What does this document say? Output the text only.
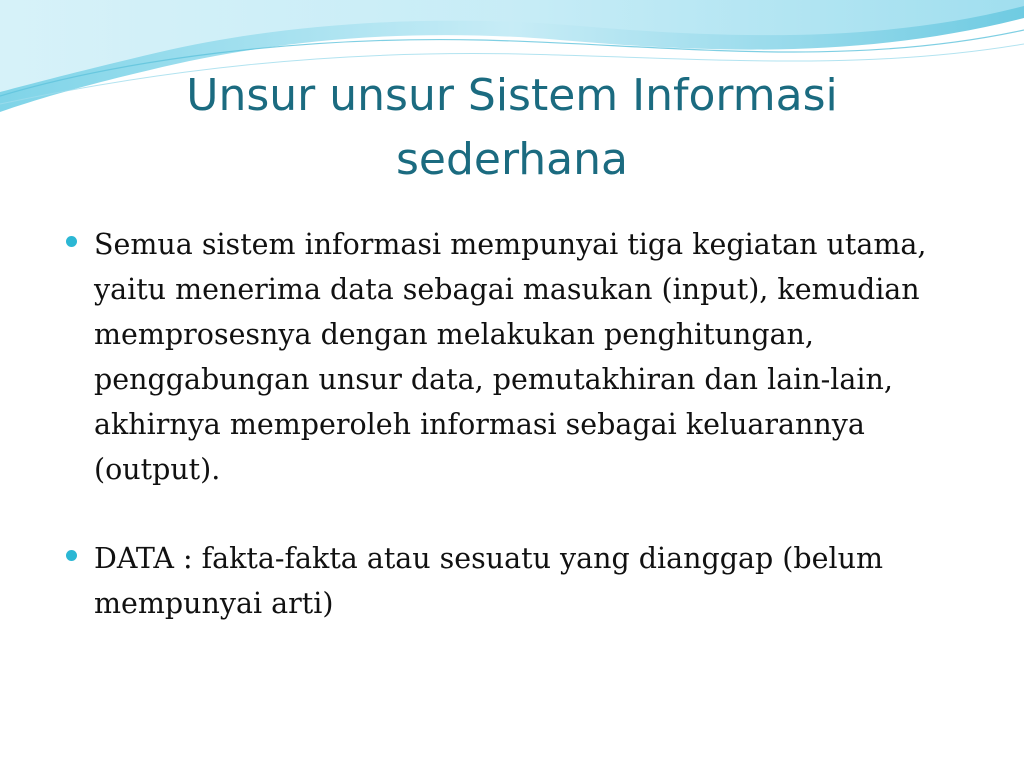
Unsur unsur Sistem Informasi
sederhana
Semua sistem informasi mempunyai tiga kegiatan utama, yaitu menerima data sebagai masukan (input), kemudian memprosesnya dengan melakukan penghitungan, penggabungan unsur data, pemutakhiran dan lain-lain, akhirnya memperoleh informasi sebagai keluarannya (output).
DATA : fakta-fakta atau sesuatu yang dianggap (belum mempunyai arti)
